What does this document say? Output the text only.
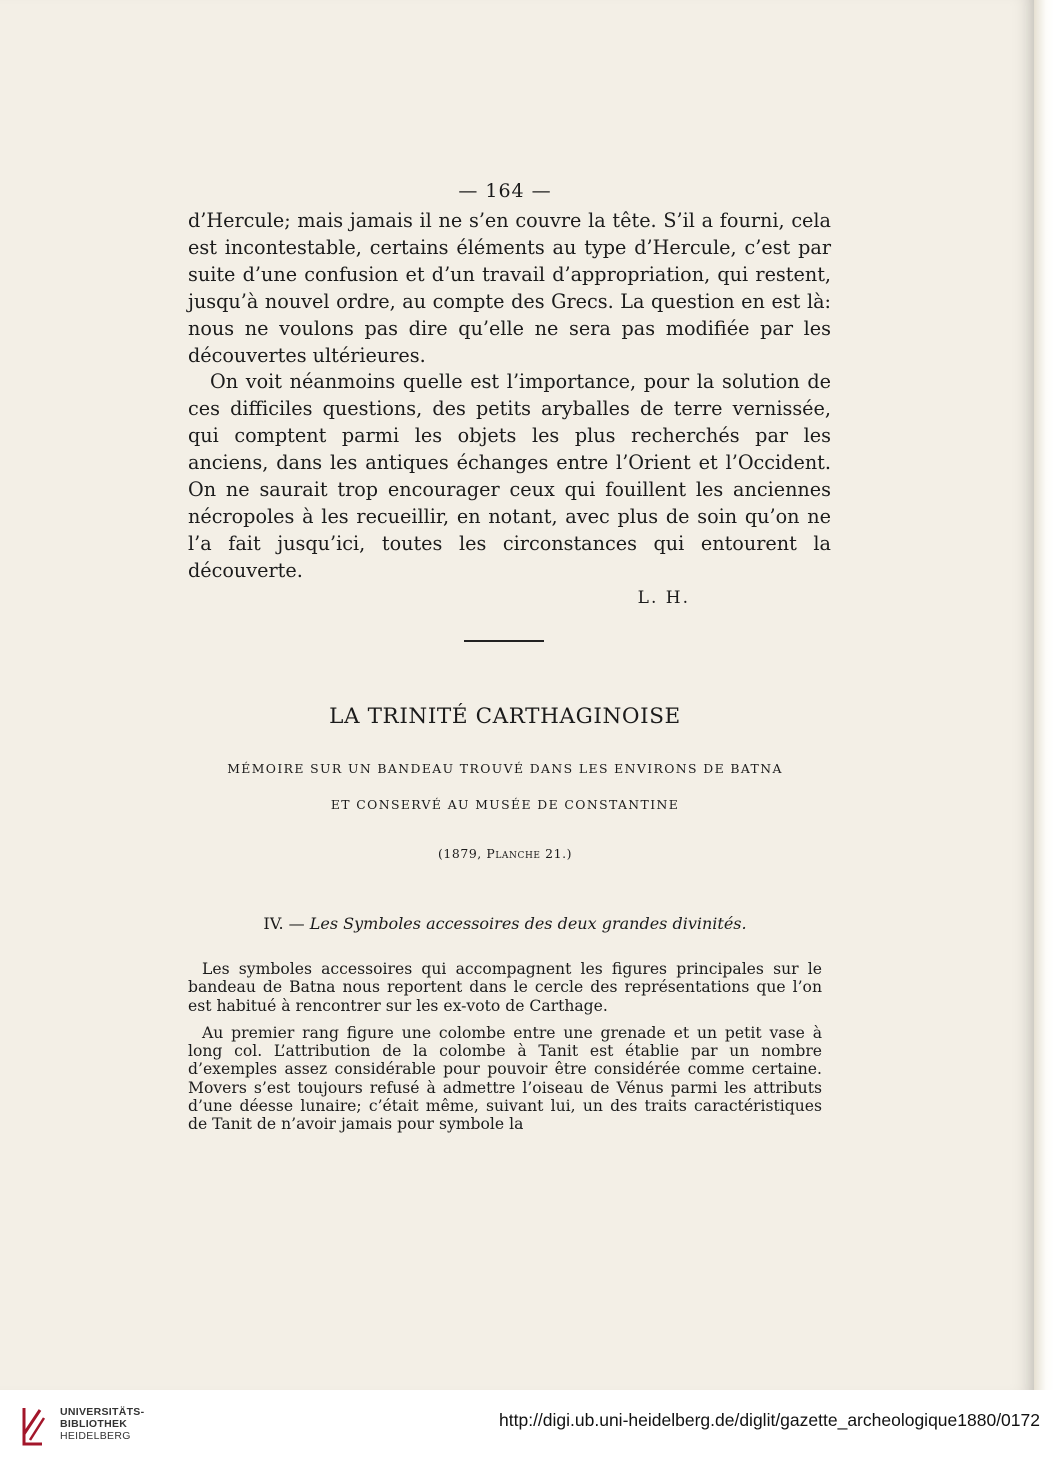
— 164 —

d’Hercule; mais jamais il ne s’en couvre la tête. S’il a fourni, cela est incontestable, certains éléments au type d’Hercule, c’est par suite d’une confusion et d’un travail d’appropriation, qui restent, jusqu’à nouvel ordre, au compte des Grecs. La question en est là: nous ne voulons pas dire qu’elle ne sera pas modifiée par les découvertes ultérieures.

On voit néanmoins quelle est l’importance, pour la solution de ces difficiles questions, des petits aryballes de terre vernissée, qui comptent parmi les objets les plus recherchés par les anciens, dans les antiques échanges entre l’Orient et l’Occident. On ne saurait trop encourager ceux qui fouillent les anciennes nécropoles à les recueillir, en notant, avec plus de soin qu’on ne l’a fait jusqu’ici, toutes les circonstances qui entourent la découverte.

L. H.
LA TRINITÉ CARTHAGINOISE
MÉMOIRE SUR UN BANDEAU TROUVÉ DANS LES ENVIRONS DE BATNA
ET CONSERVÉ AU MUSÉE DE CONSTANTINE
(1879, Planche 21.)
IV. — Les Symboles accessoires des deux grandes divinités.

Les symboles accessoires qui accompagnent les figures principales sur le bandeau de Batna nous reportent dans le cercle des représentations que l’on est habitué à rencontrer sur les ex-voto de Carthage.

Au premier rang figure une colombe entre une grenade et un petit vase à long col. L’attribution de la colombe à Tanit est établie par un nombre d’exemples assez considérable pour pouvoir être considérée comme certaine. Movers s’est toujours refusé à admettre l’oiseau de Vénus parmi les attributs d’une déesse lunaire; c’était même, suivant lui, un des traits caractéristiques de Tanit de n’avoir jamais pour symbole la

UNIVERSITÄTS-
BIBLIOTHEK
HEIDELBERG
http://digi.ub.uni-heidelberg.de/diglit/gazette_archeologique1880/0172
